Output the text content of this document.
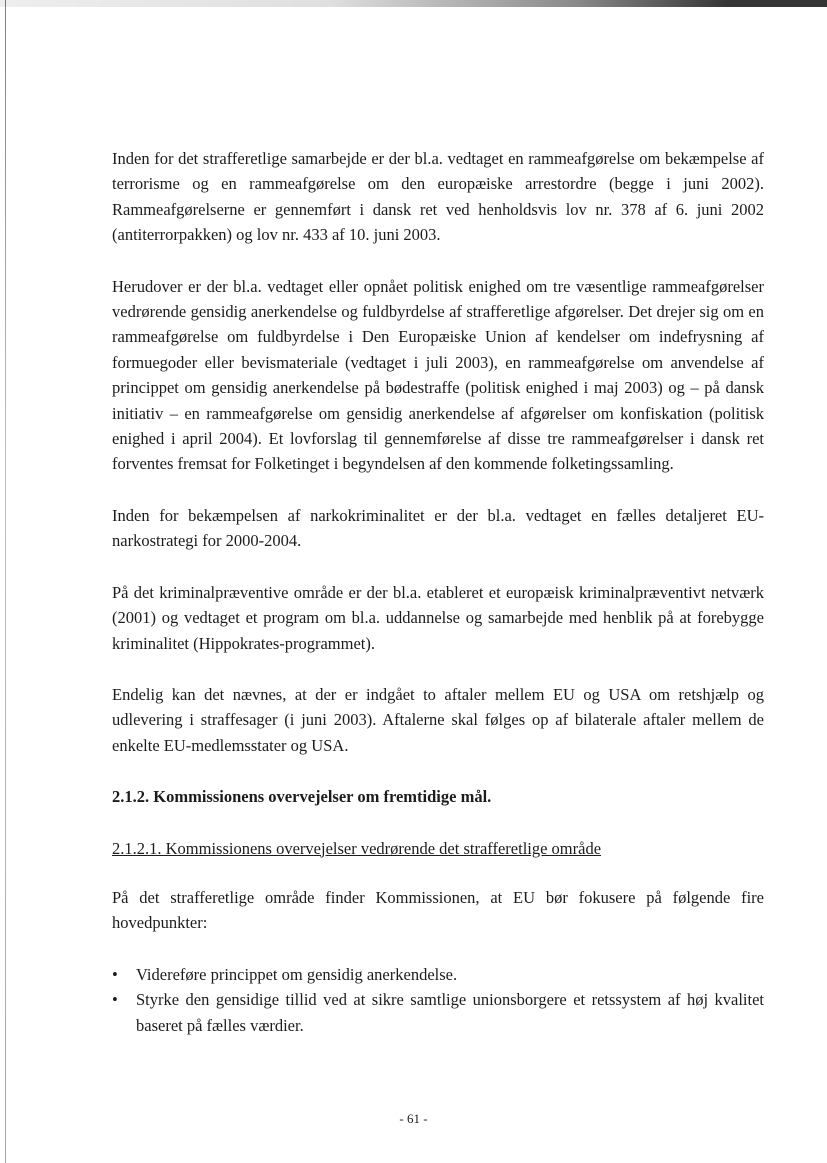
Inden for det strafferetlige samarbejde er der bl.a. vedtaget en rammeafgørelse om bekæmpelse af terrorisme og en rammeafgørelse om den europæiske arrestordre (begge i juni 2002). Rammeafgørelserne er gennemført i dansk ret ved henholdsvis lov nr. 378 af 6. juni 2002 (antiterrorpakken) og lov nr. 433 af 10. juni 2003.

Herudover er der bl.a. vedtaget eller opnået politisk enighed om tre væsentlige rammeafgørelser vedrørende gensidig anerkendelse og fuldbyrdelse af strafferetlige afgørelser. Det drejer sig om en rammeafgørelse om fuldbyrdelse i Den Europæiske Union af kendelser om indefrysning af formuegoder eller bevismateriale (vedtaget i juli 2003), en rammeafgørelse om anvendelse af princippet om gensidig anerkendelse på bødestraffe (politisk enighed i maj 2003) og – på dansk initiativ – en rammeafgørelse om gensidig anerkendelse af afgørelser om konfiskation (politisk enighed i april 2004). Et lovforslag til gennemførelse af disse tre rammeafgørelser i dansk ret forventes fremsat for Folketinget i begyndelsen af den kommende folketingssamling.

Inden for bekæmpelsen af narkokriminalitet er der bl.a. vedtaget en fælles detaljeret EU-narkostrategi for 2000-2004.

På det kriminalpræventive område er der bl.a. etableret et europæisk kriminalpræventivt netværk (2001) og vedtaget et program om bl.a. uddannelse og samarbejde med henblik på at forebygge kriminalitet (Hippokrates-programmet).

Endelig kan det nævnes, at der er indgået to aftaler mellem EU og USA om retshjælp og udlevering i straffesager (i juni 2003). Aftalerne skal følges op af bilaterale aftaler mellem de enkelte EU-medlemsstater og USA.

2.1.2. Kommissionens overvejelser om fremtidige mål.
2.1.2.1. Kommissionens overvejelser vedrørende det strafferetlige område

På det strafferetlige område finder Kommissionen, at EU bør fokusere på følgende fire hovedpunkter:

• Videreføre princippet om gensidig anerkendelse.
• Styrke den gensidige tillid ved at sikre samtlige unionsborgere et retssystem af høj kvalitet baseret på fælles værdier.
- 61 -
